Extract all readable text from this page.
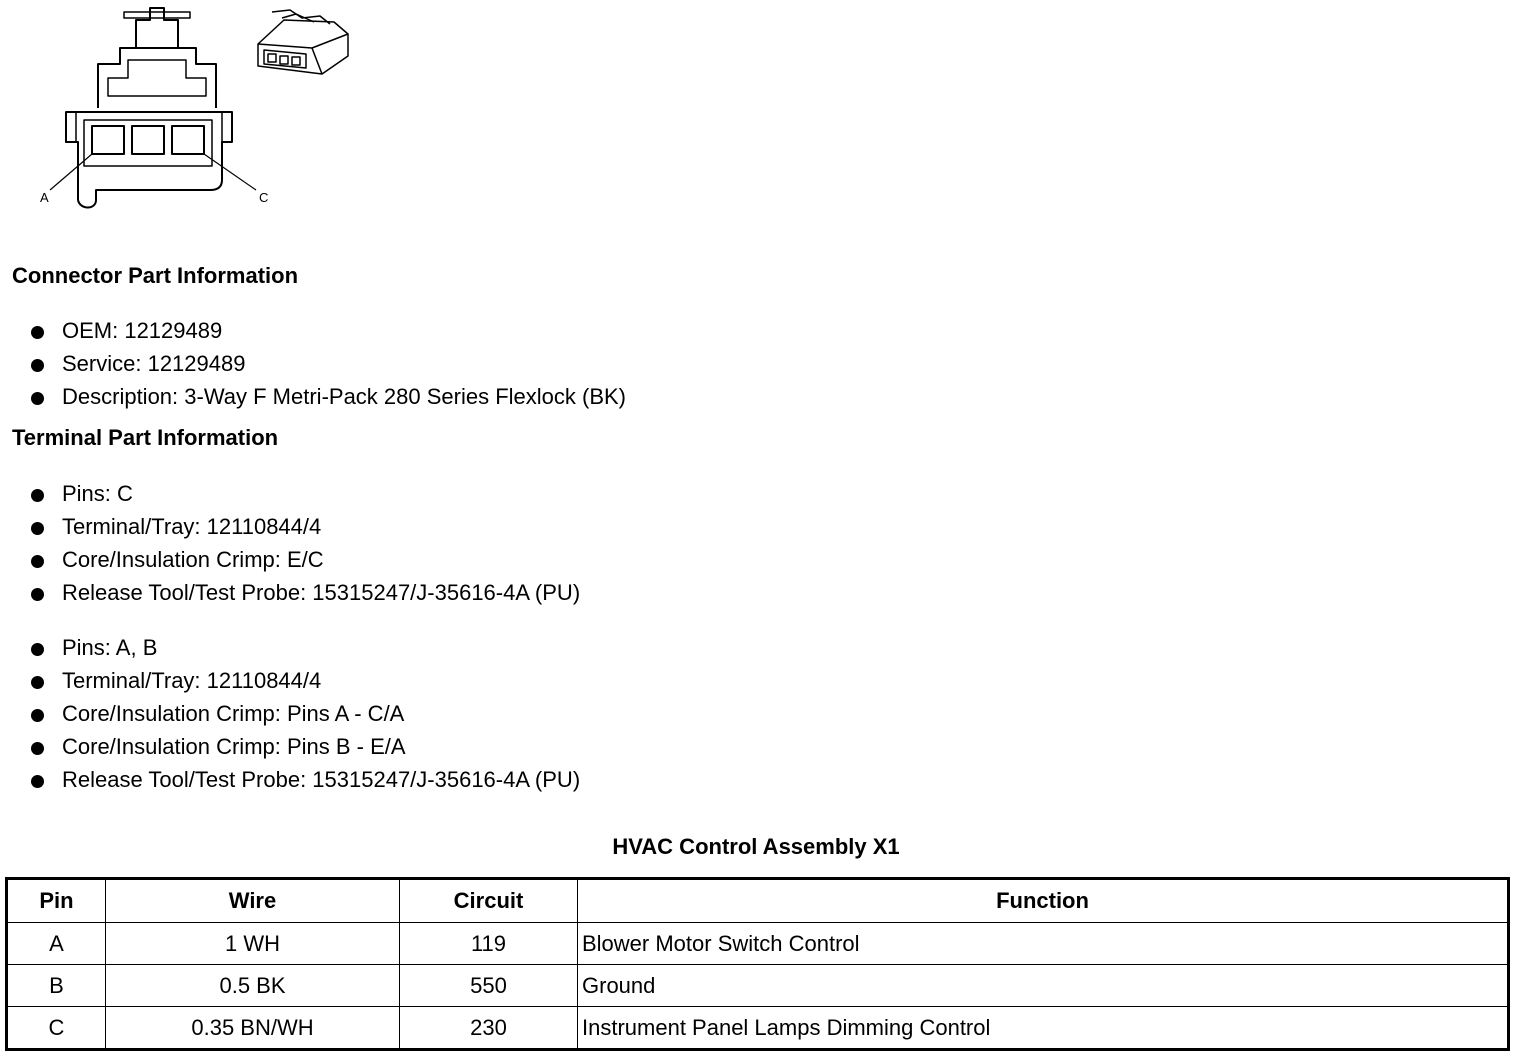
A	C
Connector Part Information
OEM: 12129489
Service: 12129489
Description: 3-Way F Metri-Pack 280 Series Flexlock (BK)
Terminal Part Information
Pins: C
Terminal/Tray: 12110844/4
Core/Insulation Crimp: E/C
Release Tool/Test Probe: 15315247/J-35616-4A (PU)
Pins: A, B
Terminal/Tray: 12110844/4
Core/Insulation Crimp: Pins A - C/A
Core/Insulation Crimp: Pins B - E/A
Release Tool/Test Probe: 15315247/J-35616-4A (PU)
HVAC Control Assembly X1
Pin	Wire	Circuit	Function
A	1 WH	119	Blower Motor Switch Control
B	0.5 BK	550	Ground
C	0.35 BN/WH	230	Instrument Panel Lamps Dimming Control
